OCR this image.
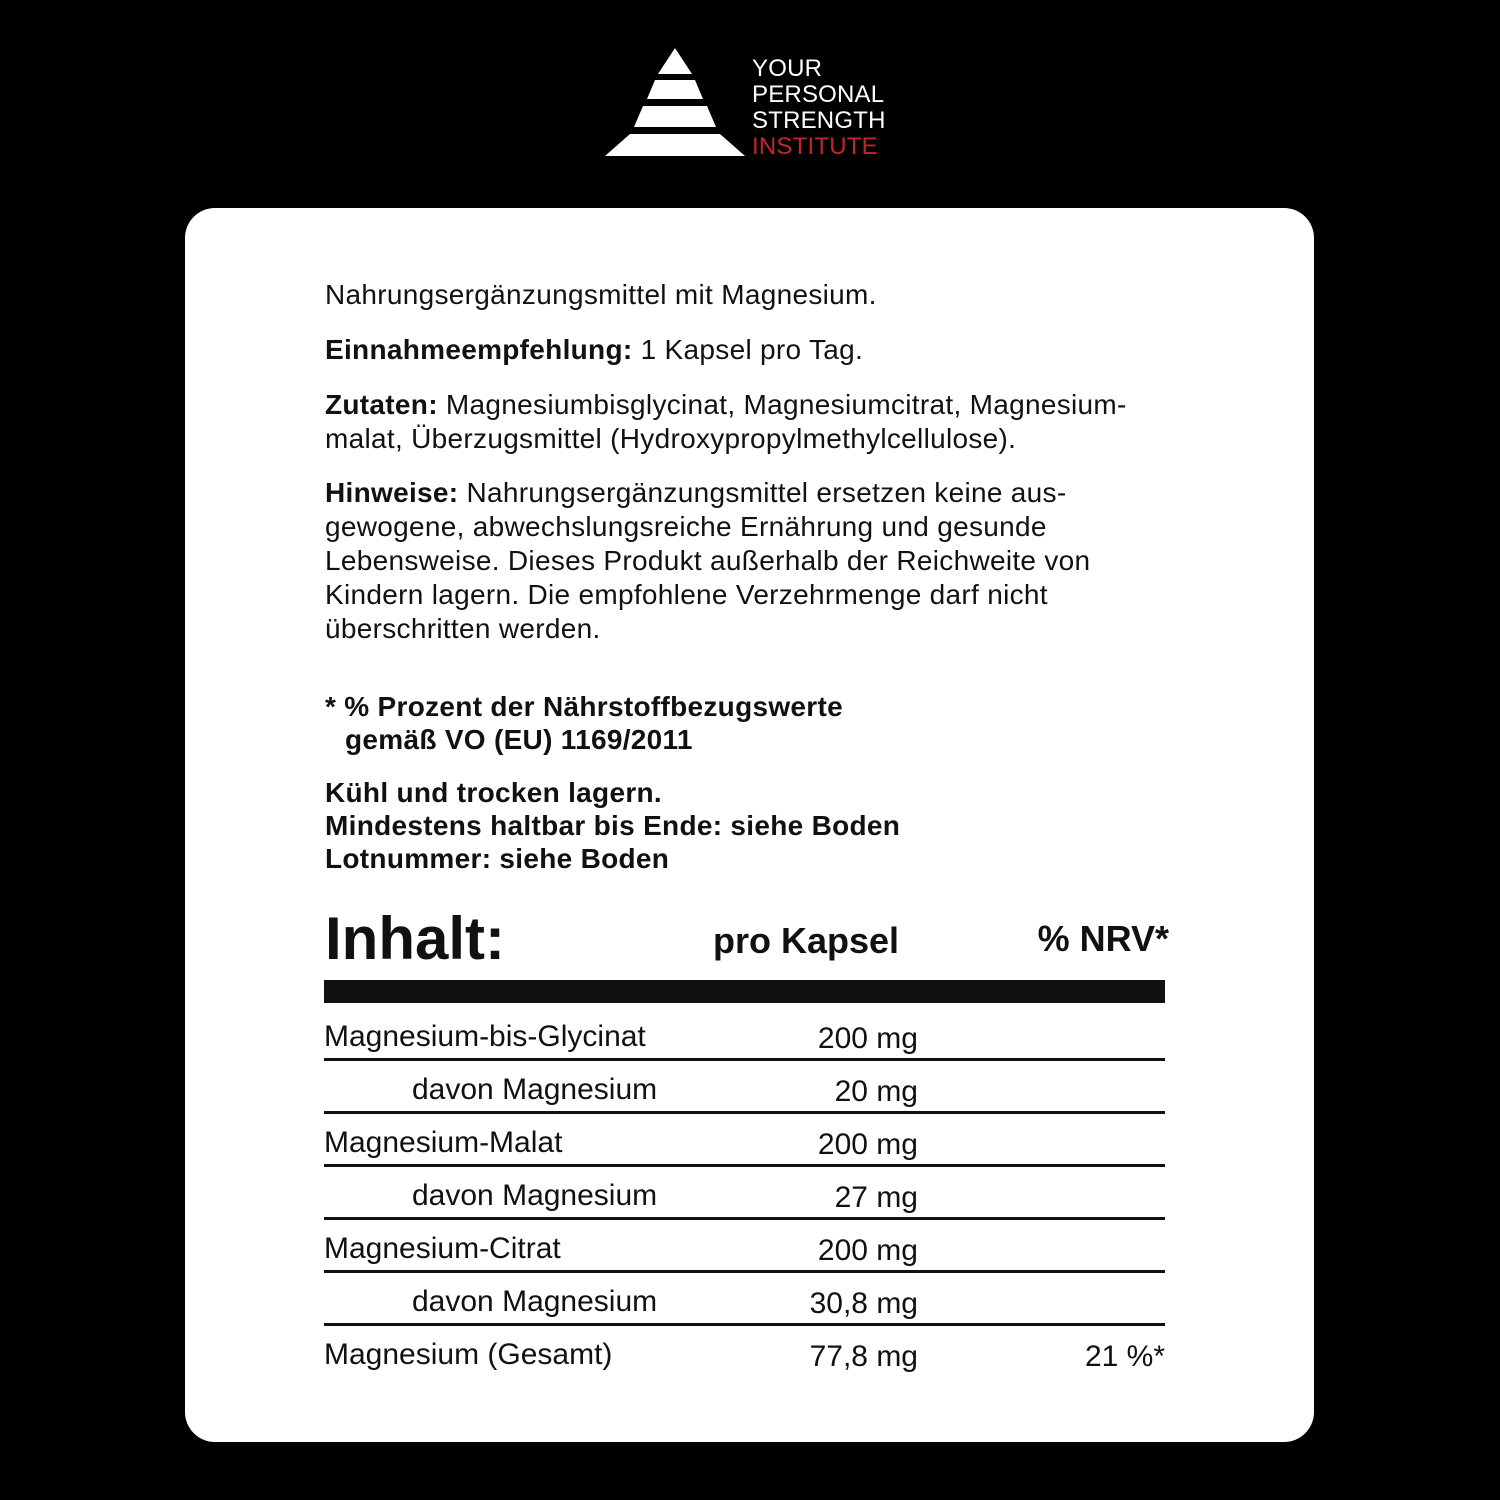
YOUR
PERSONAL
STRENGTH
INSTITUTE

Nahrungsergänzungsmittel mit Magnesium.

Einnahmeempfehlung: 1 Kapsel pro Tag.

Zutaten: Magnesiumbisglycinat, Magnesiumcitrat, Magnesium-malat, Überzugsmittel (Hydroxypropylmethylcellulose).

Hinweise: Nahrungsergänzungsmittel ersetzen keine aus-gewogene, abwechslungsreiche Ernährung und gesunde Lebensweise. Dieses Produkt außerhalb der Reichweite von Kindern lagern. Die empfohlene Verzehrmenge darf nicht überschritten werden.

* % Prozent der Nährstoffbezugswerte

gemäß VO (EU) 1169/2011

Kühl und trocken lagern.

Mindestens haltbar bis Ende: siehe Boden

Lotnummer: siehe Boden

Inhalt:	pro Kapsel	% NRV*
Magnesium-bis-Glycinat	200 mg
davon Magnesium	20 mg
Magnesium-Malat	200 mg
davon Magnesium	27 mg
Magnesium-Citrat	200 mg
davon Magnesium	30,8 mg
Magnesium (Gesamt)	77,8 mg	21 %*
